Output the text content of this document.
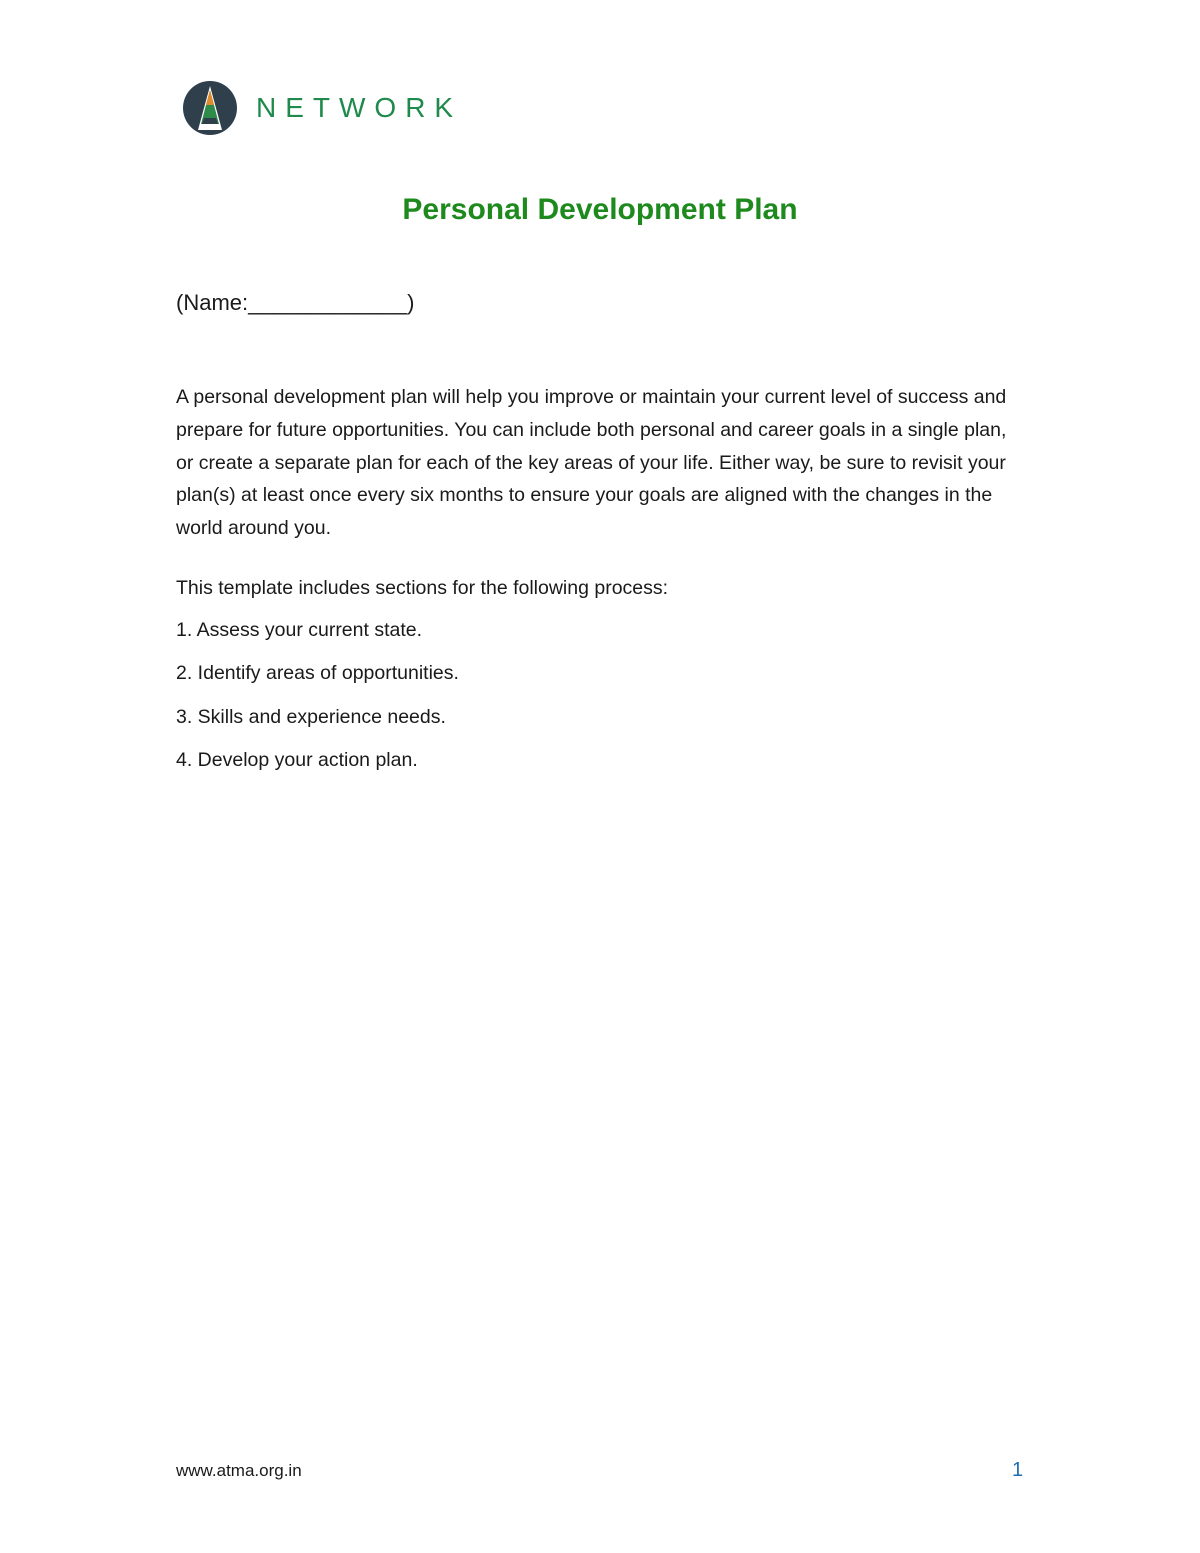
NETWORK
Personal Development Plan
(Name:_____________)

A personal development plan will help you improve or maintain your current level of success and prepare for future opportunities. You can include both personal and career goals in a single plan, or create a separate plan for each of the key areas of your life. Either way, be sure to revisit your plan(s) at least once every six months to ensure your goals are aligned with the changes in the world around you.

This template includes sections for the following process:
1. Assess your current state.
2. Identify areas of opportunities.
3. Skills and experience needs.
4. Develop your action plan.
www.atma.org.in	1
